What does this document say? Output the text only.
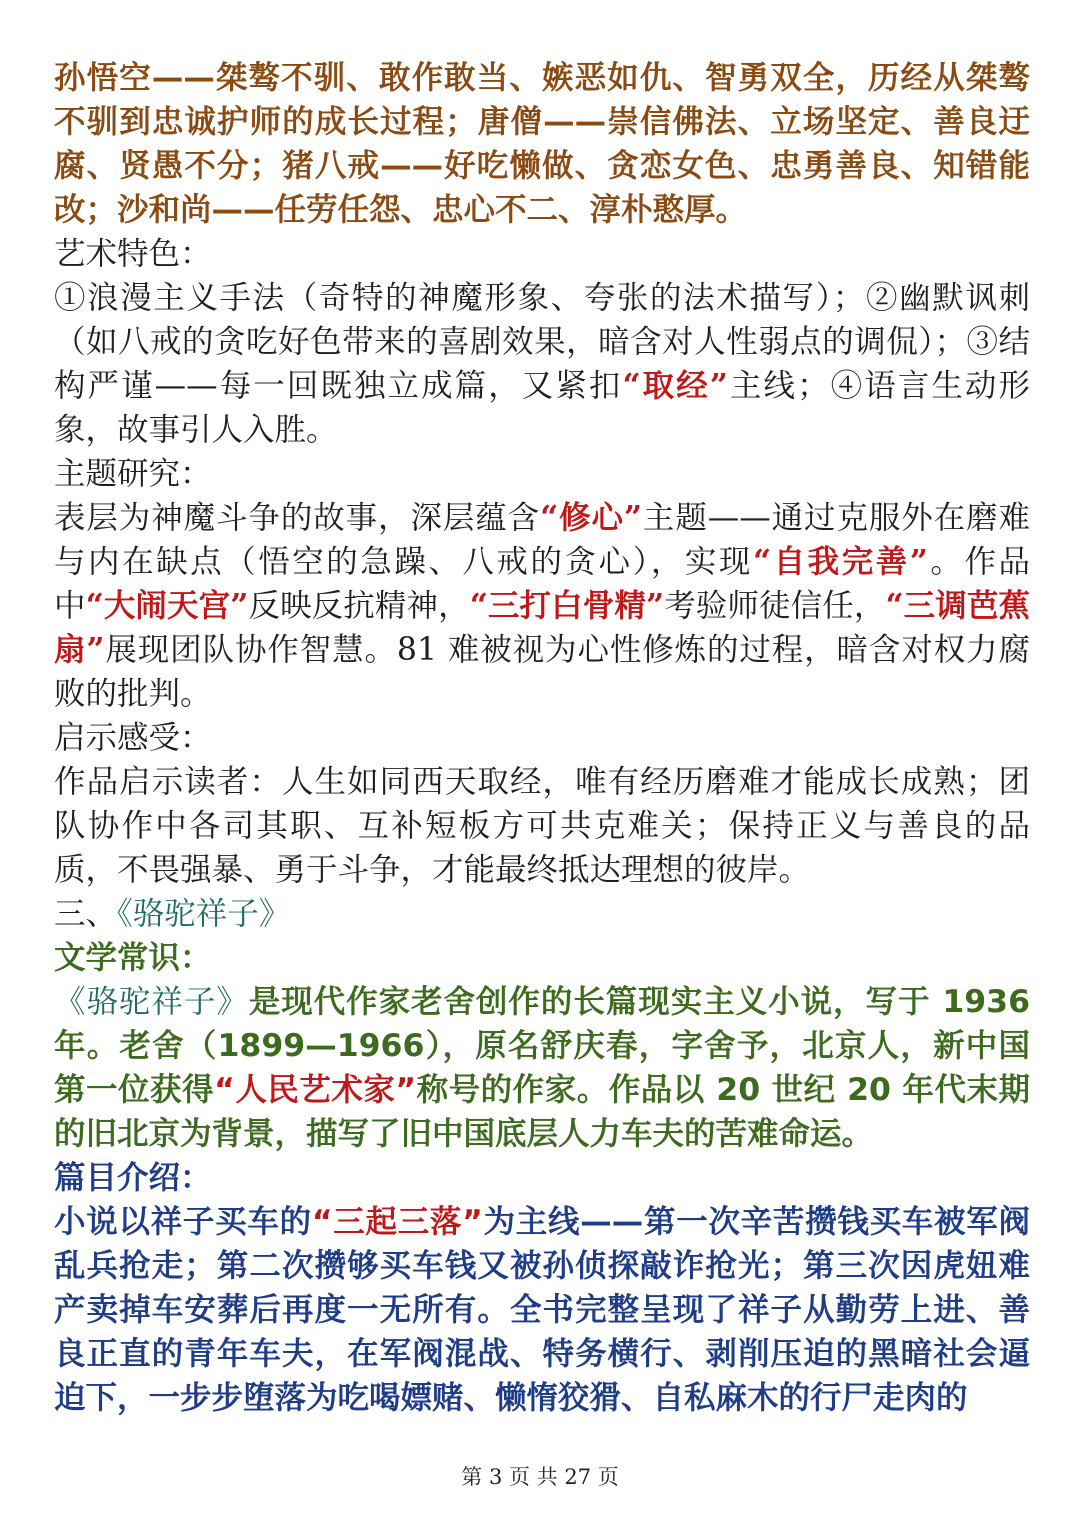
孙悟空——桀骜不驯、敢作敢当、嫉恶如仇、智勇双全，历经从桀骜不驯到忠诚护师的成长过程；唐僧——崇信佛法、立场坚定、善良迂腐、贤愚不分；猪八戒——好吃懒做、贪恋女色、忠勇善良、知错能改；沙和尚——任劳任怨、忠心不二、淳朴憨厚。

艺术特色：

①浪漫主义手法（奇特的神魔形象、夸张的法术描写）；②幽默讽刺（如八戒的贪吃好色带来的喜剧效果，暗含对人性弱点的调侃）；③结构严谨——每一回既独立成篇，又紧扣“取经”主线；④语言生动形象，故事引人入胜。

主题研究：

表层为神魔斗争的故事，深层蕴含“修心”主题——通过克服外在磨难与内在缺点（悟空的急躁、八戒的贪心），实现“自我完善”。作品中“大闹天宫”反映反抗精神，“三打白骨精”考验师徒信任，“三调芭蕉扇”展现团队协作智慧。81 难被视为心性修炼的过程，暗含对权力腐败的批判。

启示感受：

作品启示读者：人生如同西天取经，唯有经历磨难才能成长成熟；团队协作中各司其职、互补短板方可共克难关；保持正义与善良的品质，不畏强暴、勇于斗争，才能最终抵达理想的彼岸。

三、《骆驼祥子》

文学常识：

《骆驼祥子》是现代作家老舍创作的长篇现实主义小说，写于 1936 年。老舍（1899—1966），原名舒庆春，字舍予，北京人，新中国第一位获得“人民艺术家”称号的作家。作品以 20 世纪 20 年代末期的旧北京为背景，描写了旧中国底层人力车夫的苦难命运。

篇目介绍：

小说以祥子买车的“三起三落”为主线——第一次辛苦攒钱买车被军阀乱兵抢走；第二次攒够买车钱又被孙侦探敲诈抢光；第三次因虎妞难产卖掉车安葬后再度一无所有。全书完整呈现了祥子从勤劳上进、善良正直的青年车夫，在军阀混战、特务横行、剥削压迫的黑暗社会逼迫下，一步步堕落为吃喝嫖赌、懒惰狡猾、自私麻木的行尸走肉的

第 3 页 共 27 页
